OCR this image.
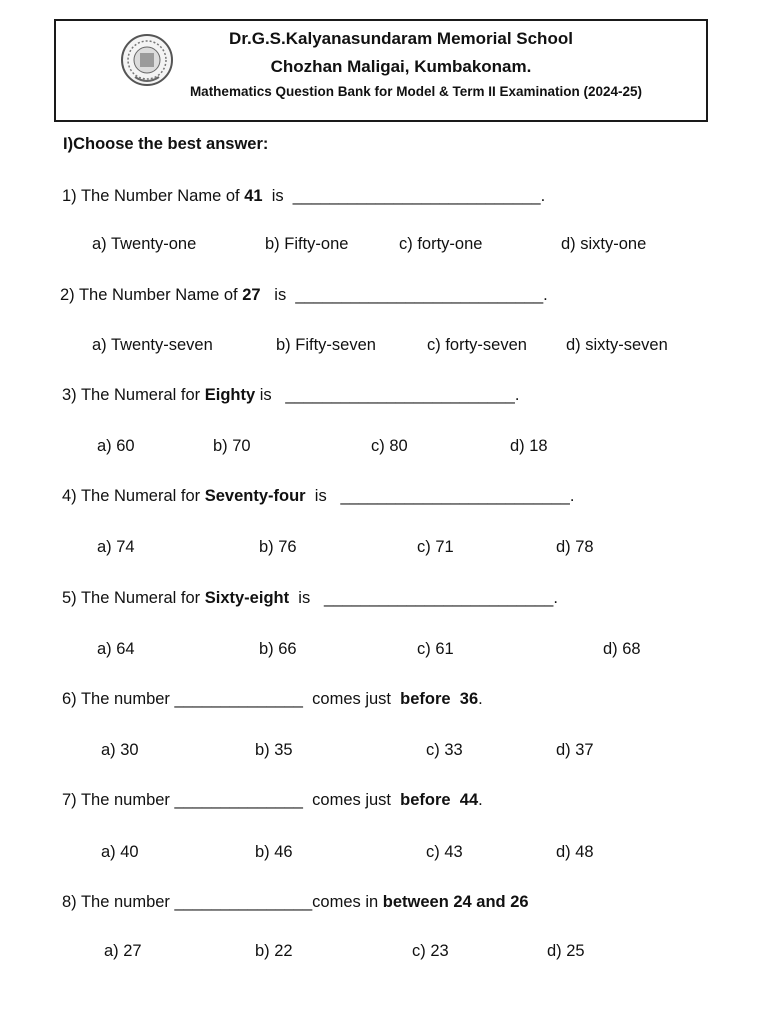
Dr.G.S.Kalyanasundaram Memorial School
Chozhan Maligai, Kumbakonam.
Mathematics Question Bank for Model & Term II Examination (2024-25)
I)Choose the best answer:
1) The Number Name of 41  is  ___________________________.
a) Twenty-one	b) Fifty-one	c) forty-one	d) sixty-one
2) The Number Name of 27   is  ___________________________.
a) Twenty-seven	b) Fifty-seven	c) forty-seven d) sixty-seven
3) The Numeral for Eighty is   _________________________.
a) 60	b) 70	c) 80	d) 18
4) The Numeral for Seventy-four  is   _________________________.
a) 74	b) 76	c) 71	d) 78
5) The Numeral for Sixty-eight  is   _________________________.
a) 64	b) 66	c) 61	d) 68
6) The number ______________  comes just  before  36.
a) 30	b) 35	c) 33	d) 37
7) The number ______________  comes just  before  44.
a) 40	b) 46	c) 43	d) 48
8) The number _______________comes in between 24 and 26
a) 27	b) 22	c) 23	d) 25
